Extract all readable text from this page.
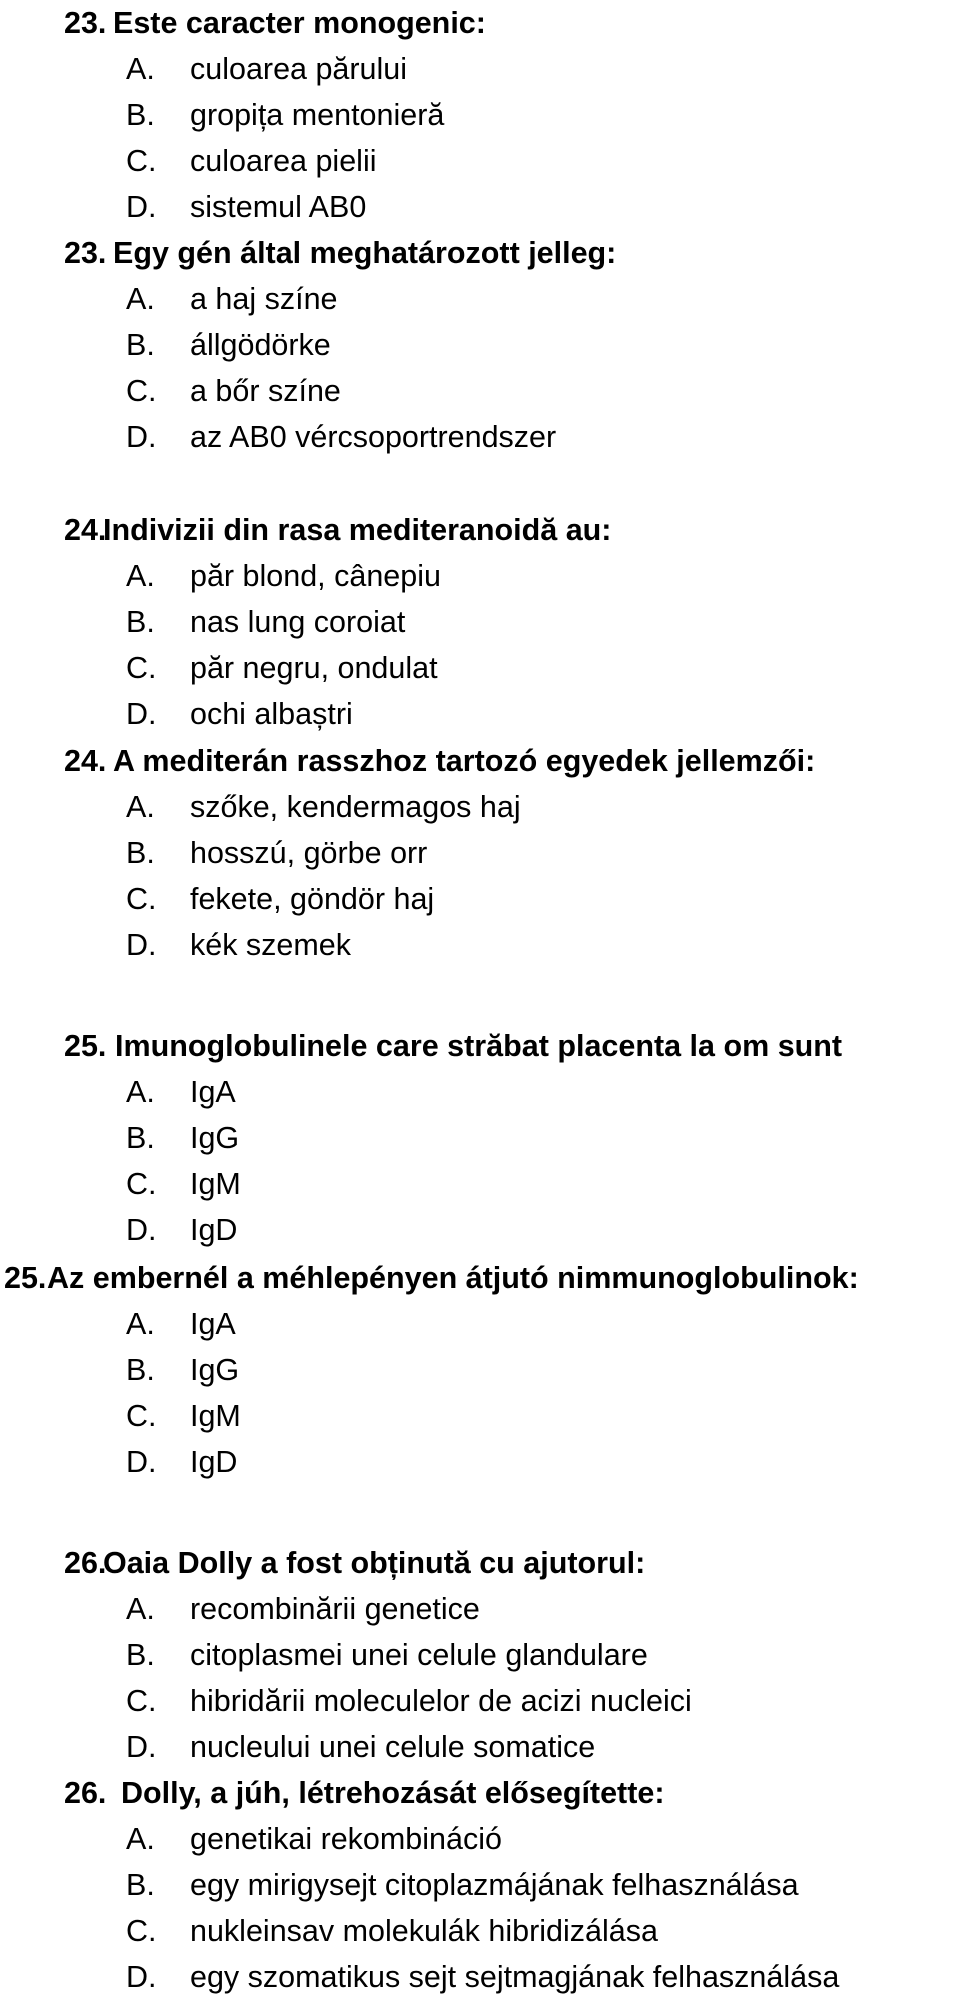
23. Este caracter monogenic:
A. culoarea părului
B. gropița mentonieră
C. culoarea pielii
D. sistemul AB0
23. Egy gén által meghatározott jelleg:
A. a haj színe
B. állgödörke
C. a bőr színe
D. az AB0 vércsoportrendszer
24.Indivizii din rasa mediteranoidă au:
A. păr blond, cânepiu
B. nas lung coroiat
C. păr negru, ondulat
D. ochi albaștri
24. A mediterán rasszhoz tartozó egyedek jellemzői:
A. szőke, kendermagos haj
B. hosszú, görbe orr
C. fekete, göndör haj
D. kék szemek
25. Imunoglobulinele care străbat placenta la om sunt
A. IgA
B. IgG
C. IgM
D. IgD
25.Az embernél a méhlepényen átjutó nimmunoglobulinok:
A. IgA
B. IgG
C. IgM
D. IgD
26.Oaia Dolly a fost obținută cu ajutorul:
A. recombinării genetice
B. citoplasmei unei celule glandulare
C. hibridării moleculelor de acizi nucleici
D. nucleului unei celule somatice
26. Dolly, a júh, létrehozását elősegítette:
A. genetikai rekombináció
B. egy mirigysejt citoplazmájának felhasználása
C. nukleinsav molekulák hibridizálása
D. egy szomatikus sejt sejtmagjának felhasználása
